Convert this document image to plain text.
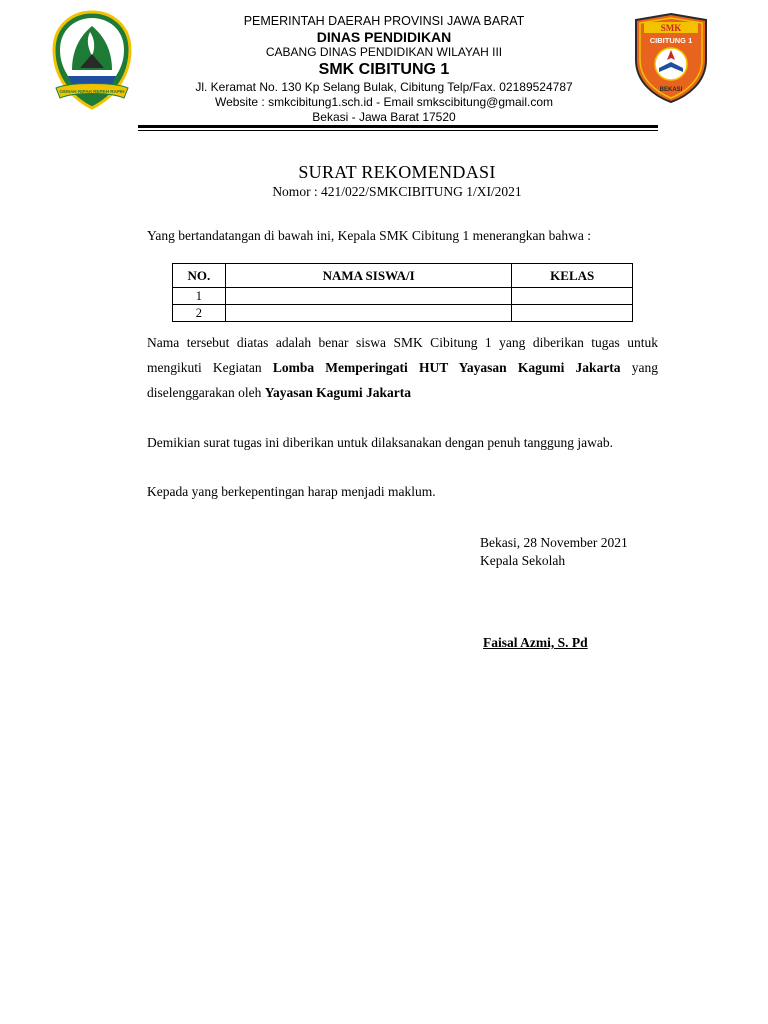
GEMAH RIPAH REPEH RAPIH
PEMERINTAH DAERAH PROVINSI JAWA BARAT
DINAS PENDIDIKAN
CABANG DINAS PENDIDIKAN WILAYAH III
SMK CIBITUNG 1
Jl. Keramat No. 130 Kp Selang Bulak, Cibitung Telp/Fax. 02189524787
Website : smkcibitung1.sch.id - Email smkscibitung@gmail.com
Bekasi - Jawa Barat 17520
SMK
CIBITUNG 1
BEKASI
SURAT REKOMENDASI
Nomor : 421/022/SMKCIBITUNG 1/XI/2021
Yang bertandatangan di bawah ini, Kepala SMK Cibitung 1 menerangkan bahwa :
NO.	NAMA SISWA/I	KELAS
1		
2		
Nama tersebut diatas adalah benar siswa SMK Cibitung 1 yang diberikan tugas untuk mengikuti Kegiatan Lomba Memperingati HUT Yayasan Kagumi Jakarta yang diselenggarakan oleh Yayasan Kagumi Jakarta
Demikian surat tugas ini diberikan untuk dilaksanakan dengan penuh tanggung jawab.
Kepada yang berkepentingan harap menjadi maklum.
Bekasi, 28 November 2021
Kepala Sekolah
Faisal Azmi, S. Pd
